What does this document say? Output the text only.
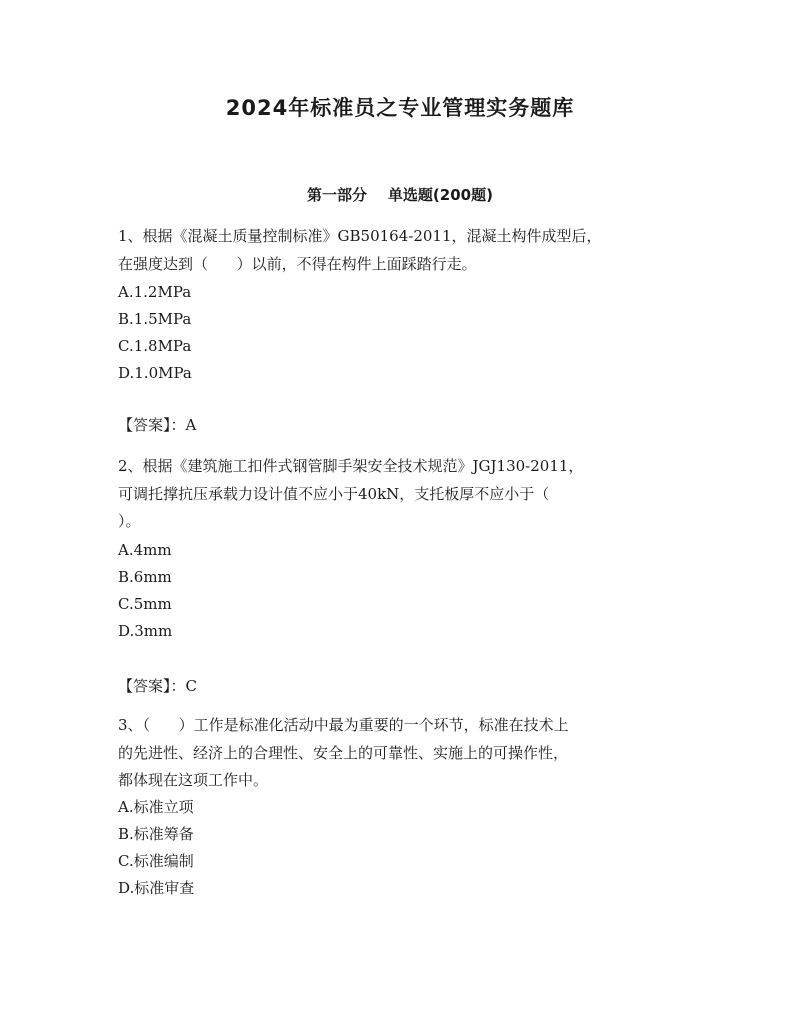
2024年标准员之专业管理实务题库
第一部分    单选题(200题)
1、根据《混凝土质量控制标准》GB50164-2011，混凝土构件成型后，
在强度达到（      ）以前，不得在构件上面踩踏行走。
A.1.2MPa
B.1.5MPa
C.1.8MPa
D.1.0MPa
【答案】：A
2、根据《建筑施工扣件式钢管脚手架安全技术规范》JGJ130-2011，
可调托撑抗压承载力设计值不应小于40kN，支托板厚不应小于（
）。
A.4mm
B.6mm
C.5mm
D.3mm
【答案】：C
3、（      ）工作是标准化活动中最为重要的一个环节，标准在技术上
的先进性、经济上的合理性、安全上的可靠性、实施上的可操作性，
都体现在这项工作中。
A.标准立项
B.标准筹备
C.标准编制
D.标准审查
